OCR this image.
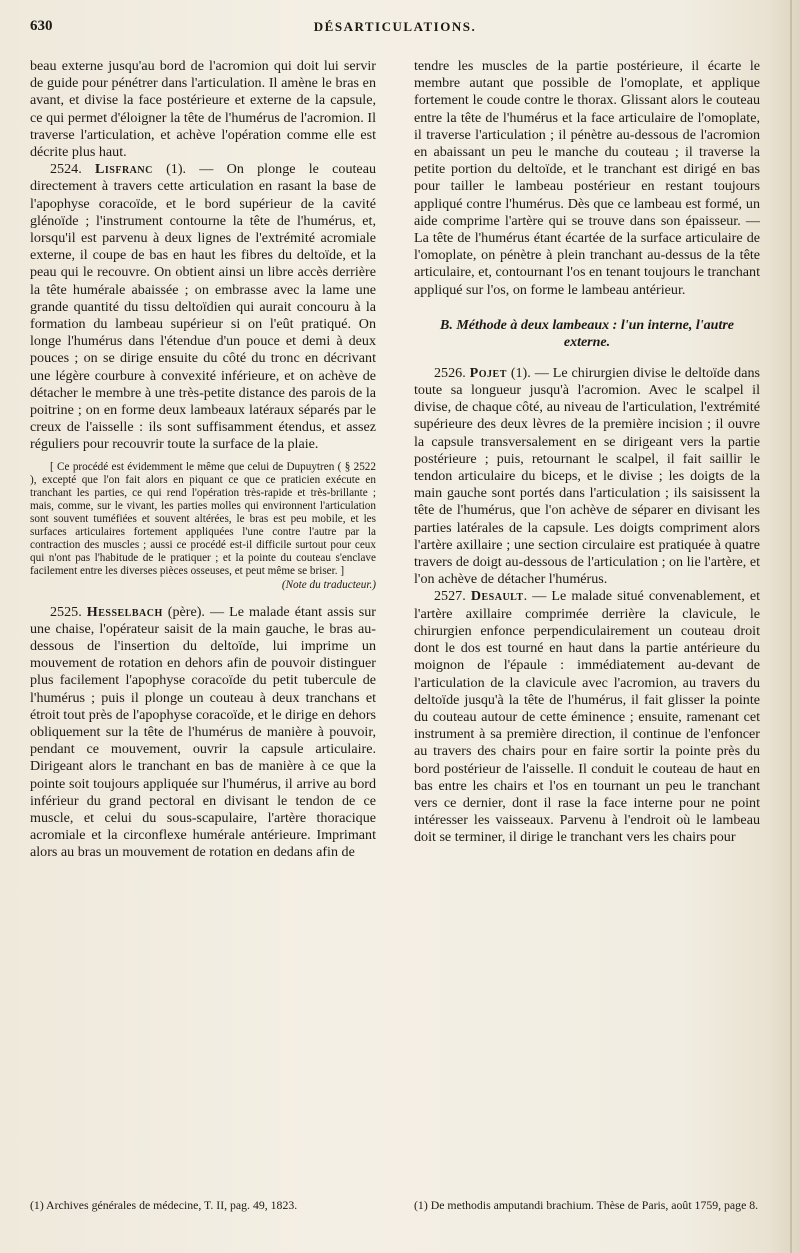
630	DÉSARTICULATIONS.

beau externe jusqu'au bord de l'acromion qui doit lui servir de guide pour pénétrer dans l'articulation. Il amène le bras en avant, et divise la face postérieure et externe de la capsule, ce qui permet d'éloigner la tête de l'humérus de l'acromion. Il traverse l'articulation, et achève l'opération comme elle est décrite plus haut.

2524. Lisfranc (1). — On plonge le couteau directement à travers cette articulation en rasant la base de l'apophyse coracoïde, et le bord supérieur de la cavité glénoïde ; l'instrument contourne la tête de l'humérus, et, lorsqu'il est parvenu à deux lignes de l'extrémité acromiale externe, il coupe de bas en haut les fibres du deltoïde, et la peau qui le recouvre. On obtient ainsi un libre accès derrière la tête humérale abaissée ; on embrasse avec la lame une grande quantité du tissu deltoïdien qui aurait concouru à la formation du lambeau supérieur si on l'eût pratiqué. On longe l'humérus dans l'étendue d'un pouce et demi à deux pouces ; on se dirige ensuite du côté du tronc en décrivant une légère courbure à convexité inférieure, et on achève de détacher le membre à une très-petite distance des parois de la poitrine ; on en forme deux lambeaux latéraux séparés par le creux de l'aisselle : ils sont suffisamment étendus, et assez réguliers pour recouvrir toute la surface de la plaie.

[ Ce procédé est évidemment le même que celui de Dupuytren ( § 2522 ), excepté que l'on fait alors en piquant ce que ce praticien exécute en tranchant les parties, ce qui rend l'opération très-rapide et très-brillante ; mais, comme, sur le vivant, les parties molles qui environnent l'articulation sont souvent tuméfiées et souvent altérées, le bras est peu mobile, et les surfaces articulaires fortement appliquées l'une contre l'autre par la contraction des muscles ; aussi ce procédé est-il difficile surtout pour ceux qui n'ont pas l'habitude de le pratiquer ; et la pointe du couteau s'enclave facilement entre les diverses pièces osseuses, et peut même se briser. ]

(Note du traducteur.)

2525. Hesselbach (père). — Le malade étant assis sur une chaise, l'opérateur saisit de la main gauche, le bras au-dessous de l'insertion du deltoïde, lui imprime un mouvement de rotation en dehors afin de pouvoir distinguer plus facilement l'apophyse coracoïde du petit tubercule de l'humérus ; puis il plonge un couteau à deux tranchans et étroit tout près de l'apophyse coracoïde, et le dirige en dehors obliquement sur la tête de l'humérus de manière à pouvoir, pendant ce mouvement, ouvrir la capsule articulaire. Dirigeant alors le tranchant en bas de manière à ce que la pointe soit toujours appliquée sur l'humérus, il arrive au bord inférieur du grand pectoral en divisant le tendon de ce muscle, et celui du sous-scapulaire, l'artère thoracique acromiale et la circonflexe humérale antérieure. Imprimant alors au bras un mouvement de rotation en dedans afin de

tendre les muscles de la partie postérieure, il écarte le membre autant que possible de l'omoplate, et applique fortement le coude contre le thorax. Glissant alors le couteau entre la tête de l'humérus et la face articulaire de l'omoplate, il traverse l'articulation ; il pénètre au-dessous de l'acromion en abaissant un peu le manche du couteau ; il traverse la petite portion du deltoïde, et le tranchant est dirigé en bas pour tailler le lambeau postérieur en restant toujours appliqué contre l'humérus. Dès que ce lambeau est formé, un aide comprime l'artère qui se trouve dans son épaisseur. — La tête de l'humérus étant écartée de la surface articulaire de l'omoplate, on pénètre à plein tranchant au-dessus de la tête articulaire, et, contournant l'os en tenant toujours le tranchant appliqué sur l'os, on forme le lambeau antérieur.

B. Méthode à deux lambeaux : l'un interne, l'autre externe.

2526. Pojet (1). — Le chirurgien divise le deltoïde dans toute sa longueur jusqu'à l'acromion. Avec le scalpel il divise, de chaque côté, au niveau de l'articulation, l'extrémité supérieure des deux lèvres de la première incision ; il ouvre la capsule transversalement en se dirigeant vers la partie postérieure ; puis, retournant le scalpel, il fait saillir le tendon articulaire du biceps, et le divise ; les doigts de la main gauche sont portés dans l'articulation ; ils saisissent la tête de l'humérus, que l'on achève de séparer en divisant les parties latérales de la capsule. Les doigts compriment alors l'artère axillaire ; une section circulaire est pratiquée à quatre travers de doigt au-dessous de l'articulation ; on lie l'artère, et l'on achève de détacher l'humérus.

2527. Desault. — Le malade situé convenablement, et l'artère axillaire comprimée derrière la clavicule, le chirurgien enfonce perpendiculairement un couteau droit dont le dos est tourné en haut dans la partie antérieure du moignon de l'épaule : immédiatement au-devant de l'articulation de la clavicule avec l'acromion, au travers du deltoïde jusqu'à la tête de l'humérus, il fait glisser la pointe du couteau autour de cette éminence ; ensuite, ramenant cet instrument à sa première direction, il continue de l'enfoncer au travers des chairs pour en faire sortir la pointe près du bord postérieur de l'aisselle. Il conduit le couteau de haut en bas entre les chairs et l'os en tournant un peu le tranchant vers ce dernier, dont il rase la face interne pour ne point intéresser les vaisseaux. Parvenu à l'endroit où le lambeau doit se terminer, il dirige le tranchant vers les chairs pour

(1) Archives générales de médecine, T. II, pag. 49, 1823.	(1) De methodis amputandi brachium. Thèse de Paris, août 1759, page 8.
